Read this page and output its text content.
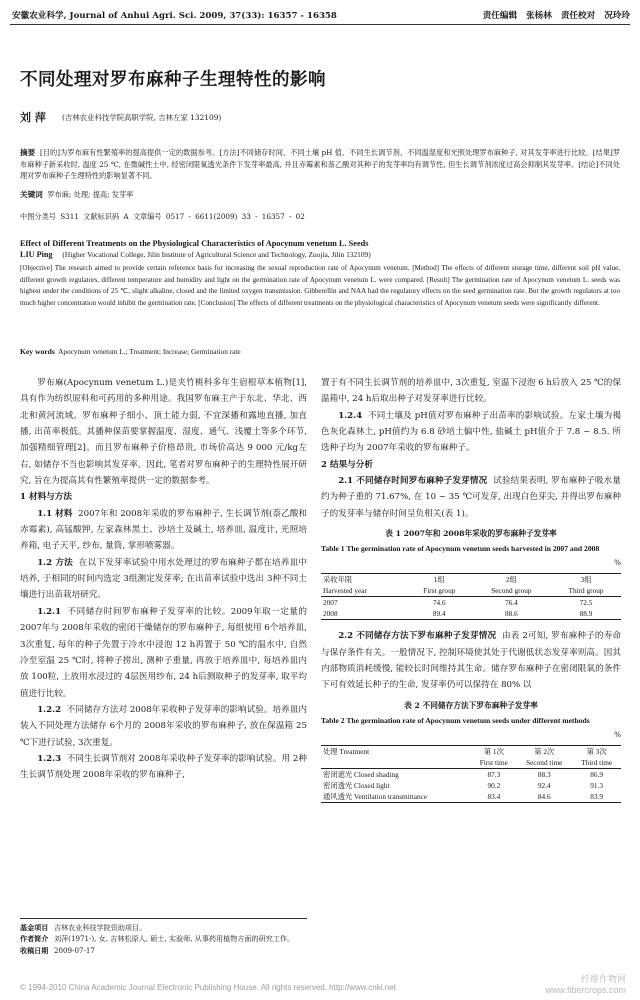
安徽农业科学, Journal of Anhui Agri. Sci. 2009, 37(33): 16357 - 16358	责任编辑 张杨林 责任校对 况玲玲
不同处理对罗布麻种子生理特性的影响
刘 萍 (吉林农业科技学院高职学院, 吉林左家 132109)
摘要 [目的]为罗布麻有性繁殖率的提高提供一定的数据参考。[方法]不同储存时间、不同土壤 pH 值、不同生长调节剂、不同温湿度和光照处理罗布麻种子, 对其发芽率进行比较。[结果]罗布麻种子新采收时, 温度 25 ℃, 在微碱性土中, 经密闭限氧透光条件下发芽率最高, 并且赤霉素和萘乙酸对其种子的发芽率均有调节性, 但生长调节剂浓度过高会抑制其发芽率。[结论]不同处理对罗布麻种子生理特性的影响显著不同。
关键词 罗布麻; 处理; 提高; 发芽率
中图分类号 S311 文献标识码 A 文章编号 0517 - 6611(2009) 33 - 16357 - 02
Effect of Different Treatments on the Physiological Characteristics of Apocynum venetum L. Seeds
LIU Ping (Higher Vocational College, Jilin Institute of Agricultural Science and Technology, Zuojia, Jilin 132109)
[Objective] The research aimed to provide certain reference basis for increasing the sexual reproduction rate of Apocynum venetum. [Method] The effects of different storage time, different soil pH value, different growth regulators, different temperature and humidity and light on the germination rate of Apocynum venetum L. were compared. [Result] The germination rate of Apocynum venetum L. seeds was highest under the conditions of 25 ℃, slight alkaline, closed and the limited oxygen transmission. Gibberellin and NAA had the regulatory effects on the seed germination rate. But the growth regulators at too much higher concentration would inhibit the germination rate. [Conclusion] The effects of different treatments on the physiological characteristics of Apocynum venetum seeds were significantly different.
Key words Apocynum venetum L.; Treatment; Increase; Germination rate

罗布麻(Apocynum venetum L.)是夹竹桃科多年生宿根草本植物[1], 具有作为纺织原料和可药用的多种用途。我国罗布麻主产于东北、华北、西北和黄河流域。罗布麻种子细小、顶土能力弱, 不宜深播和露地直播, 加直播, 出苗率极低。其播种保苗要掌握温度、湿度、通气、浅覆土等多个环节, 加强精细管理[2]。而且罗布麻种子价格昂贵, 市场价高达 9 000 元/kg左右, 如储存不当也影响其发芽率。因此, 笔者对罗布麻种子的生理特性展开研究, 旨在为提高其有性繁殖率提供一定的数据参考。

1 材料与方法

1.1 材料 2007年和 2008年采收的罗布麻种子, 生长调节剂(萘乙酸和赤霉素), 高锰酸钾, 左家森林黑土、沙培土及碱土, 培养皿, 温度计, 光照培养箱, 电子天平, 纱布, 量筒, 掌形喷雾器。

1.2 方法 在以下发芽率试验中用水处理过的罗布麻种子都在培养皿中培养, 于相同的时间内选定 3组测定发芽率; 在出苗率试验中选出 3种不同土壤进行出苗栽培研究。

1.2.1 不同储存时间罗布麻种子发芽率的比较。2009年取一定量的 2007年与 2008年采收的密闭干燥储存的罗布麻种子, 每组使用 6个培养皿, 3次重复, 每年的种子先置于冷水中浸泡 12 h再置于 50 ℃的温水中, 自然冷至室温 25 ℃时, 将种子捞出, 测种子重量, 再放于培养皿中, 每培养皿内放 100粒, 上放用水浸过的 4层医用纱布, 24 h后测取种子的发芽率, 取平均值进行比较。

1.2.2 不同储存方法对 2008年采收种子发芽率的影响试验。培养皿内装入不同处理方法储存 6个月的 2008年采收的罗布麻种子, 放在保温箱 25 ℃下进行试验, 3次重复。

1.2.3 不同生长调节剂对 2008年采收种子发芽率的影响试验。用 2种生长调节剂处理 2008年采收的罗布麻种子,

置于有不同生长调节剂的培养皿中, 3次重复, 室温下浸泡 6 h后放入 25 ℃的保温箱中, 24 h后取出种子对发芽率进行比较。

1.2.4 不同土壤及 pH值对罗布麻种子出苗率的影响试验。左家土壤为褐色灰化森林土, pH值约为 6.8 砂培土偏中性, 盐碱土 pH值介于 7.8 ~ 8.5. 所选种子均为 2007年采收的罗布麻种子。

2 结果与分析

2.1 不同储存时间罗布麻种子发芽情况 试验结果表明, 罗布麻种子吸水量约为种子重的 71.67%, 在 10 ~ 35 ℃可发芽, 出现白色芽尖, 并得出罗布麻种子的发芽率与储存时间呈负相关(表 1)。

表 1 2007年和 2008年采收的罗布麻种子发芽率

Table 1 The germination rate of Apocynum venetum seeds harvested in 2007 and 2008

%
采收年限	1组	2组	3组
Harvested year	First group	Second group	Third group
2007	74.6	76.4	72.5
2008	89.4	88.6	88.9

2.2 不同储存方法下罗布麻种子发芽情况 由表 2可知, 罗布麻种子的寿命与保存条件有关。一般情况下, 控制环境使其处于代谢低状态发芽率则高。因其内部物质消耗缓慢, 能较长时间维持其生命。储存罗布麻种子在密闭限氧的条件下可有效延长种子的生命, 发芽率仍可以保持在 80% 以

表 2 不同储存方法下罗布麻种子发芽率

Table 2 The germination rate of Apocynum venetum seeds under different methods

%
处理 Treatment	第 1次	第 2次	第 3次
	First time	Second time	Third time
密闭遮光 Closed shading	87.3	88.3	86.9
密闭透光 Closed light	90.2	92.4	91.3
通风透光 Ventilation transmittance	83.4	84.6	83.9
基金项目 吉林农业科技学院资助项目。
作者简介 刘萍(1971-), 女, 吉林松原人, 硕士, 实验师, 从事药用植物方面的研究工作。
收稿日期 2009-07-17
© 1994-2010 China Academic Journal Electronic Publishing House. All rights reserved. http://www.cnki.net
纤维作物网
www.fibercrops.com
